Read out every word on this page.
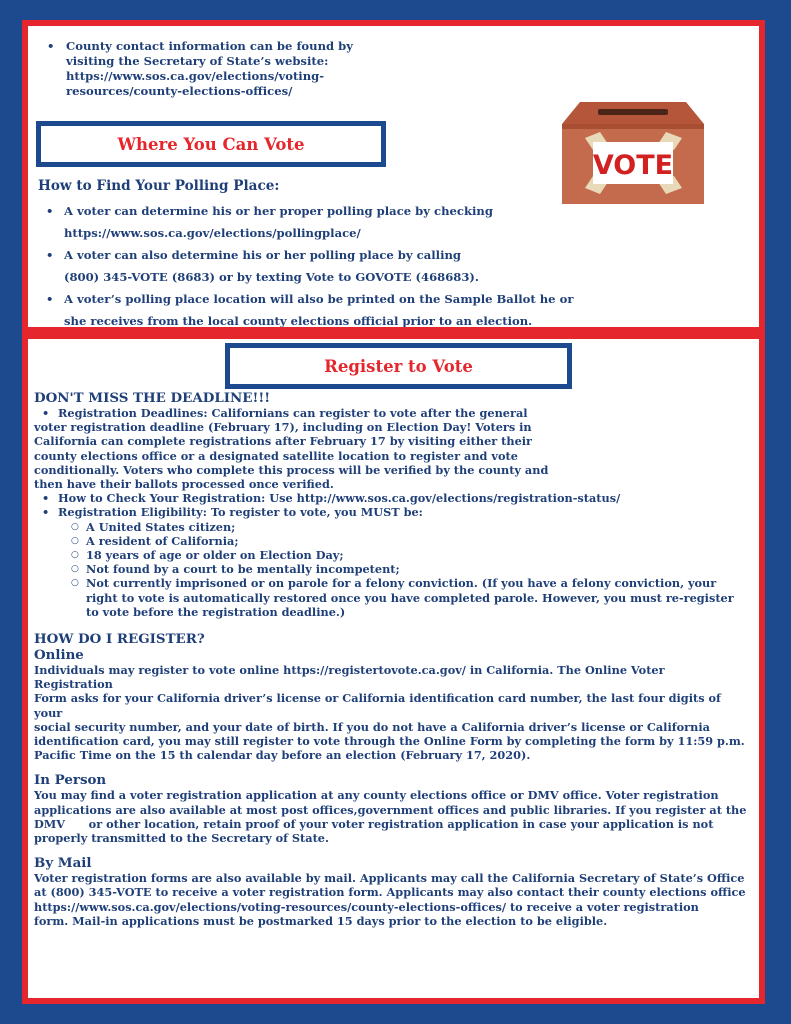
• County contact information can be found by visiting the Secretary of State’s website: https://www.sos.ca.gov/elections/voting-resources/county-elections-offices/
Where You Can Vote
VOTE
How to Find Your Polling Place:
• A voter can determine his or her proper polling place by checking
https://www.sos.ca.gov/elections/pollingplace/
• A voter can also determine his or her polling place by calling
(800) 345-VOTE (8683) or by texting Vote to GOVOTE (468683).
• A voter’s polling place location will also be printed on the Sample Ballot he or
she receives from the local county elections official prior to an election.
Register to Vote
DON'T MISS THE DEADLINE!!!
• Registration Deadlines: Californians can register to vote after the general
voter registration deadline (February 17), including on Election Day! Voters in
California can complete registrations after February 17 by visiting either their
county elections office or a designated satellite location to register and vote
conditionally. Voters who complete this process will be verified by the county and
then have their ballots processed once verified.
• How to Check Your Registration: Use http://www.sos.ca.gov/elections/registration-status/
• Registration Eligibility: To register to vote, you MUST be:
○ A United States citizen;
○ A resident of California;
○ 18 years of age or older on Election Day;
○ Not found by a court to be mentally incompetent;
○ Not currently imprisoned or on parole for a felony conviction. (If you have a felony conviction, your
right to vote is automatically restored once you have completed parole. However, you must re-register
to vote before the registration deadline.)
HOW DO I REGISTER?
Online
Individuals may register to vote online https://registertovote.ca.gov/ in California. The Online Voter
Registration
Form asks for your California driver’s license or California identification card number, the last four digits of
your
social security number, and your date of birth. If you do not have a California driver’s license or California
identification card, you may still register to vote through the Online Form by completing the form by 11:59 p.m.
Pacific Time on the 15 th calendar day before an election (February 17, 2020).
In Person
You may find a voter registration application at any county elections office or DMV office. Voter registration
applications are also available at most post offices,government offices and public libraries. If you register at the
DMV      or other location, retain proof of your voter registration application in case your application is not
properly transmitted to the Secretary of State.
By Mail
Voter registration forms are also available by mail. Applicants may call the California Secretary of State’s Office
at (800) 345-VOTE to receive a voter registration form. Applicants may also contact their county elections office
https://www.sos.ca.gov/elections/voting-resources/county-elections-offices/ to receive a voter registration
form. Mail-in applications must be postmarked 15 days prior to the election to be eligible.
